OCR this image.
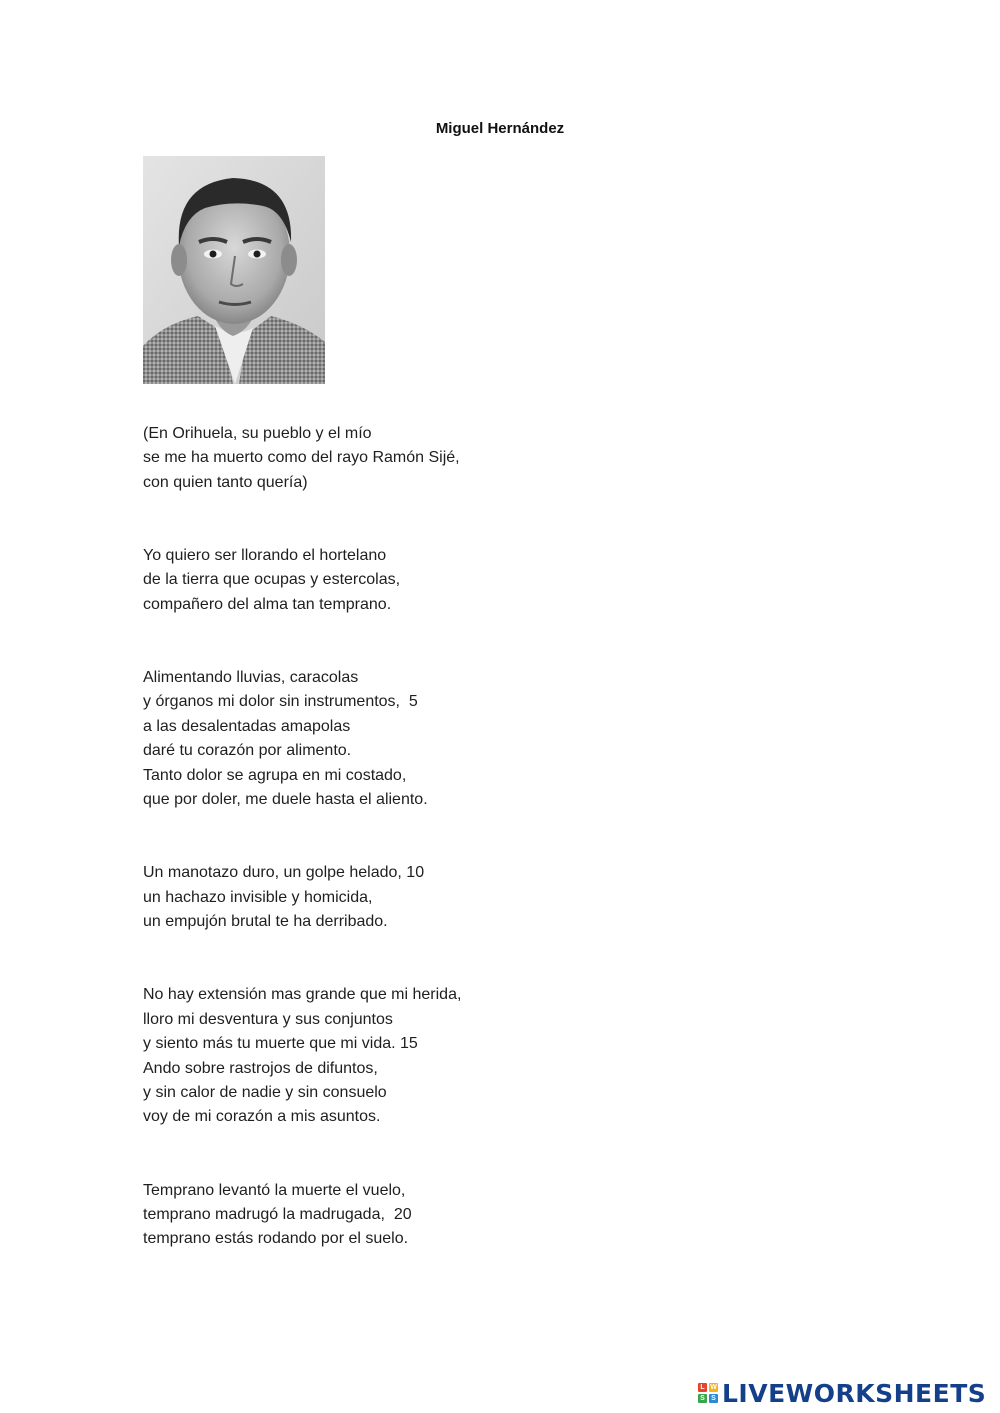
Miguel Hernández
(En Orihuela, su pueblo y el mío
se me ha muerto como del rayo Ramón Sijé,
con quien tanto quería)
Yo quiero ser llorando el hortelano
de la tierra que ocupas y estercolas,
compañero del alma tan temprano.
Alimentando lluvias, caracolas
y órganos mi dolor sin instrumentos,  5
a las desalentadas amapolas
daré tu corazón por alimento.
Tanto dolor se agrupa en mi costado,
que por doler, me duele hasta el aliento.
Un manotazo duro, un golpe helado, 10
un hachazo invisible y homicida,
un empujón brutal te ha derribado.
No hay extensión mas grande que mi herida,
lloro mi desventura y sus conjuntos
y siento más tu muerte que mi vida. 15
Ando sobre rastrojos de difuntos,
y sin calor de nadie y sin consuelo
voy de mi corazón a mis asuntos.
Temprano levantó la muerte el vuelo,
temprano madrugó la madrugada,  20
temprano estás rodando por el suelo.
L W
S S LIVEWORKSHEETS
